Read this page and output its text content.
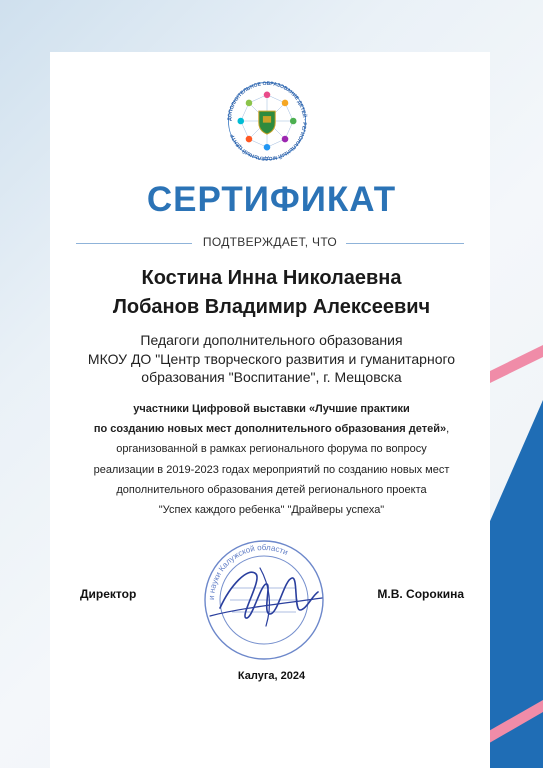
ДОПОЛНИТЕЛЬНОЕ ОБРАЗОВАНИЕ ДЕТЕЙ · РЕГИОНАЛЬНЫЙ МОДЕЛЬНЫЙ ЦЕНТР
СЕРТИФИКАТ
ПОДТВЕРЖДАЕТ, ЧТО
Костина Инна Николаевна
Лобанов Владимир Алексеевич
Педагоги дополнительного образования
МКОУ ДО "Центр творческого развития и гуманитарного
образования "Воспитание", г. Мещовска
участники Цифровой выставки «Лучшие практики
по созданию новых мест дополнительного образования детей»,
организованной в рамках регионального форума по вопросу
реализации в 2019-2023 годах мероприятий по созданию новых мест
дополнительного образования детей регионального проекта
"Успех каждого ребенка" "Драйверы успеха"
и науки Калужской области
Директор	М.В. Сорокина
Калуга, 2024
